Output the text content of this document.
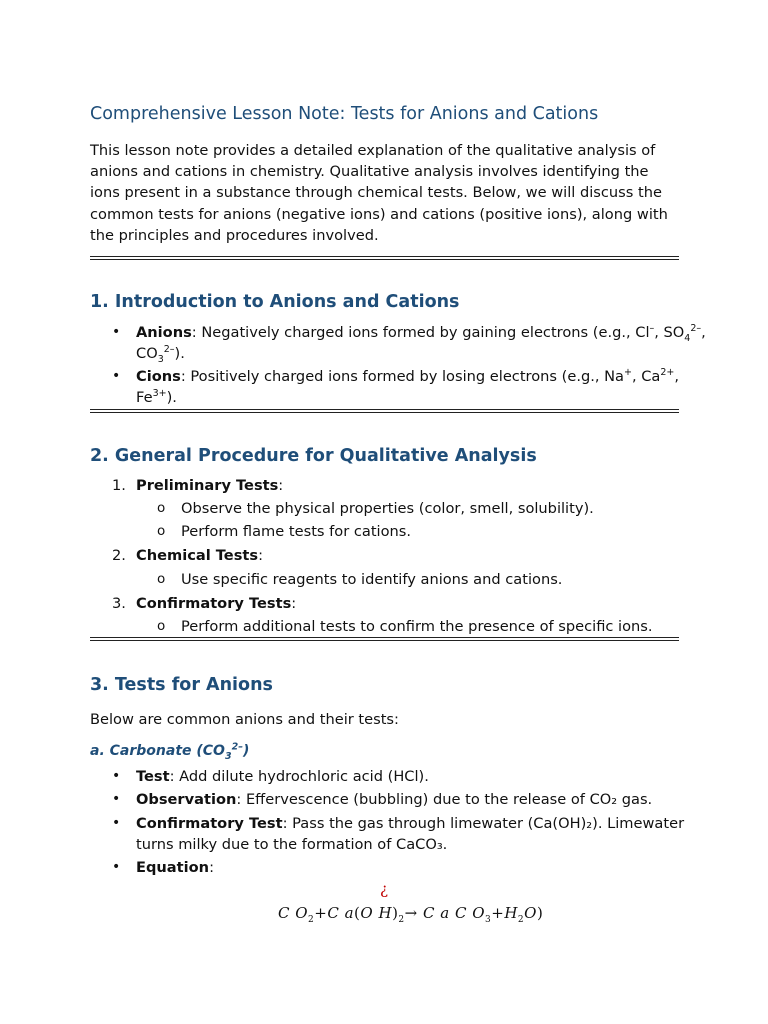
Comprehensive Lesson Note: Tests for Anions and Cations

This lesson note provides a detailed explanation of the qualitative analysis of anions and cations in chemistry. Qualitative analysis involves identifying the ions present in a substance through chemical tests. Below, we will discuss the common tests for anions (negative ions) and cations (positive ions), along with the principles and procedures involved.

1. Introduction to Anions and Cations
• Anions: Negatively charged ions formed by gaining electrons (e.g., Cl–, $SO_4^{2-}$,
$CO_3^{2-}$).
• Cions: Positively charged ions formed by losing electrons (e.g., Na+, $Ca^{2+}$,
$Fe^{3+}$).
2. General Procedure for Qualitative Analysis
1. Preliminary Tests:
o Observe the physical properties (color, smell, solubility).
o Perform flame tests for cations.
2. Chemical Tests:
o Use specific reagents to identify anions and cations.
3. Confirmatory Tests:
o Perform additional tests to confirm the presence of specific ions.
3. Tests for Anions
Below are common anions and their tests:
a. Carbonate $(CO_3^{2-})$
• Test: Add dilute hydrochloric acid (HCl).
• Observation: Effervescence (bubbling) due to the release of CO₂ gas.
• Confirmatory Test: Pass the gas through limewater (Ca(OH)₂). Limewater
turns milky due to the formation of CaCO₃.
• Equation:
¿
C $O_2+C$ a(O $H)_2\to C$ a C $O_3+H_2O$)
